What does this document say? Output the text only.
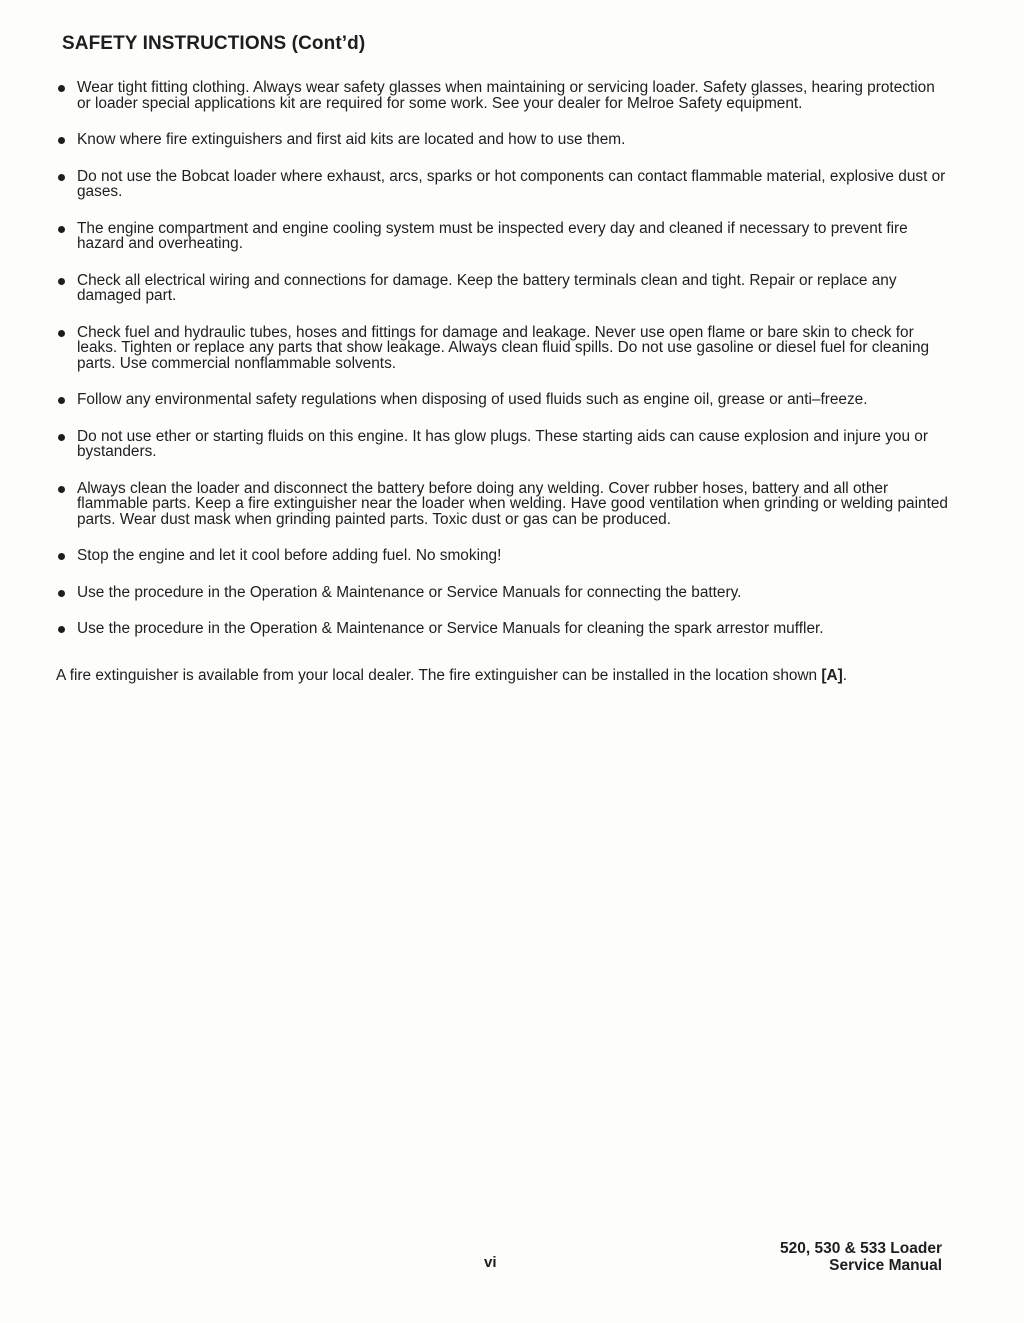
SAFETY INSTRUCTIONS (Cont’d)
Wear tight fitting clothing. Always wear safety glasses when maintaining or servicing loader. Safety glasses, hearing protection or loader special applications kit are required for some work. See your dealer for Melroe Safety equipment.
Know where fire extinguishers and first aid kits are located and how to use them.
Do not use the Bobcat loader where exhaust, arcs, sparks or hot components can contact flammable material, explosive dust or gases.
The engine compartment and engine cooling system must be inspected every day and cleaned if necessary to prevent fire hazard and overheating.
Check all electrical wiring and connections for damage. Keep the battery terminals clean and tight. Repair or replace any damaged part.
Check fuel and hydraulic tubes, hoses and fittings for damage and leakage. Never use open flame or bare skin to check for leaks. Tighten or replace any parts that show leakage. Always clean fluid spills. Do not use gasoline or diesel fuel for cleaning parts. Use commercial nonflammable solvents.
Follow any environmental safety regulations when disposing of used fluids such as engine oil, grease or anti–freeze.
Do not use ether or starting fluids on this engine. It has glow plugs. These starting aids can cause explosion and injure you or bystanders.
Always clean the loader and disconnect the battery before doing any welding. Cover rubber hoses, battery and all other flammable parts. Keep a fire extinguisher near the loader when welding. Have good ventilation when grinding or welding painted parts. Wear dust mask when grinding painted parts. Toxic dust or gas can be produced.
Stop the engine and let it cool before adding fuel. No smoking!
Use the procedure in the Operation & Maintenance or Service Manuals for connecting the battery.
Use the procedure in the Operation & Maintenance or Service Manuals for cleaning the spark arrestor muffler.

A fire extinguisher is available from your local dealer. The fire extinguisher can be installed in the location shown [A].

vi
520, 530 & 533 Loader
Service Manual
